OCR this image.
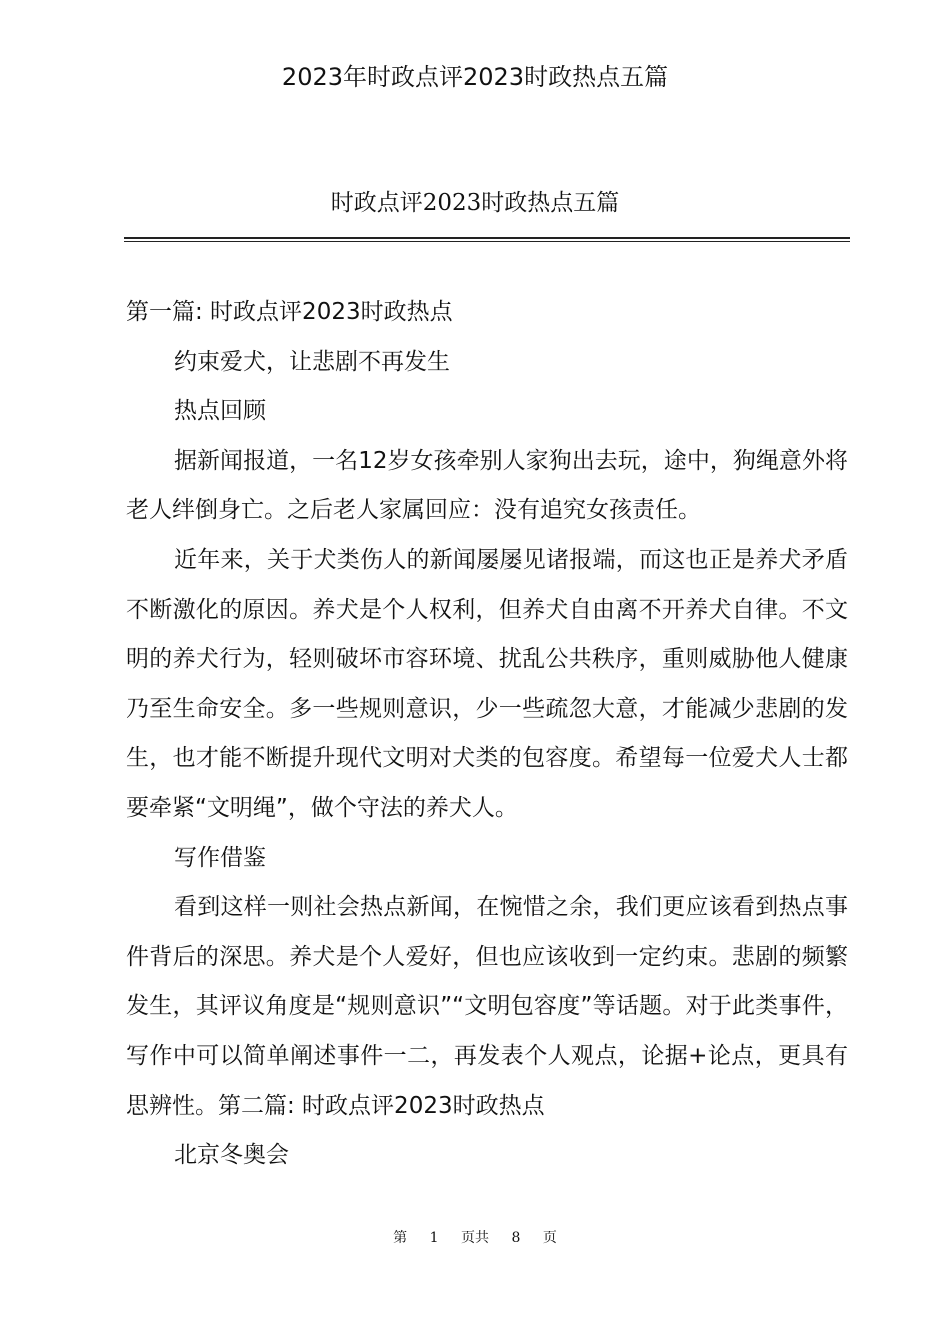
2023年时政点评2023时政热点五篇
时政点评2023时政热点五篇

第一篇: 时政点评2023时政热点

约束爱犬，让悲剧不再发生

热点回顾

据新闻报道，一名12岁女孩牵别人家狗出去玩，途中，狗绳意外将老人绊倒身亡。之后老人家属回应：没有追究女孩责任。

近年来，关于犬类伤人的新闻屡屡见诸报端，而这也正是养犬矛盾不断激化的原因。养犬是个人权利，但养犬自由离不开养犬自律。不文明的养犬行为，轻则破坏市容环境、扰乱公共秩序，重则威胁他人健康乃至生命安全。多一些规则意识，少一些疏忽大意，才能减少悲剧的发生，也才能不断提升现代文明对犬类的包容度。希望每一位爱犬人士都要牵紧“文明绳”，做个守法的养犬人。

写作借鉴

看到这样一则社会热点新闻，在惋惜之余，我们更应该看到热点事件背后的深思。养犬是个人爱好，但也应该收到一定约束。悲剧的频繁发生，其评议角度是“规则意识”“文明包容度”等话题。对于此类事件，写作中可以简单阐述事件一二，再发表个人观点，论据+论点，更具有思辨性。第二篇: 时政点评2023时政热点

北京冬奥会

第 1 页共 8 页
